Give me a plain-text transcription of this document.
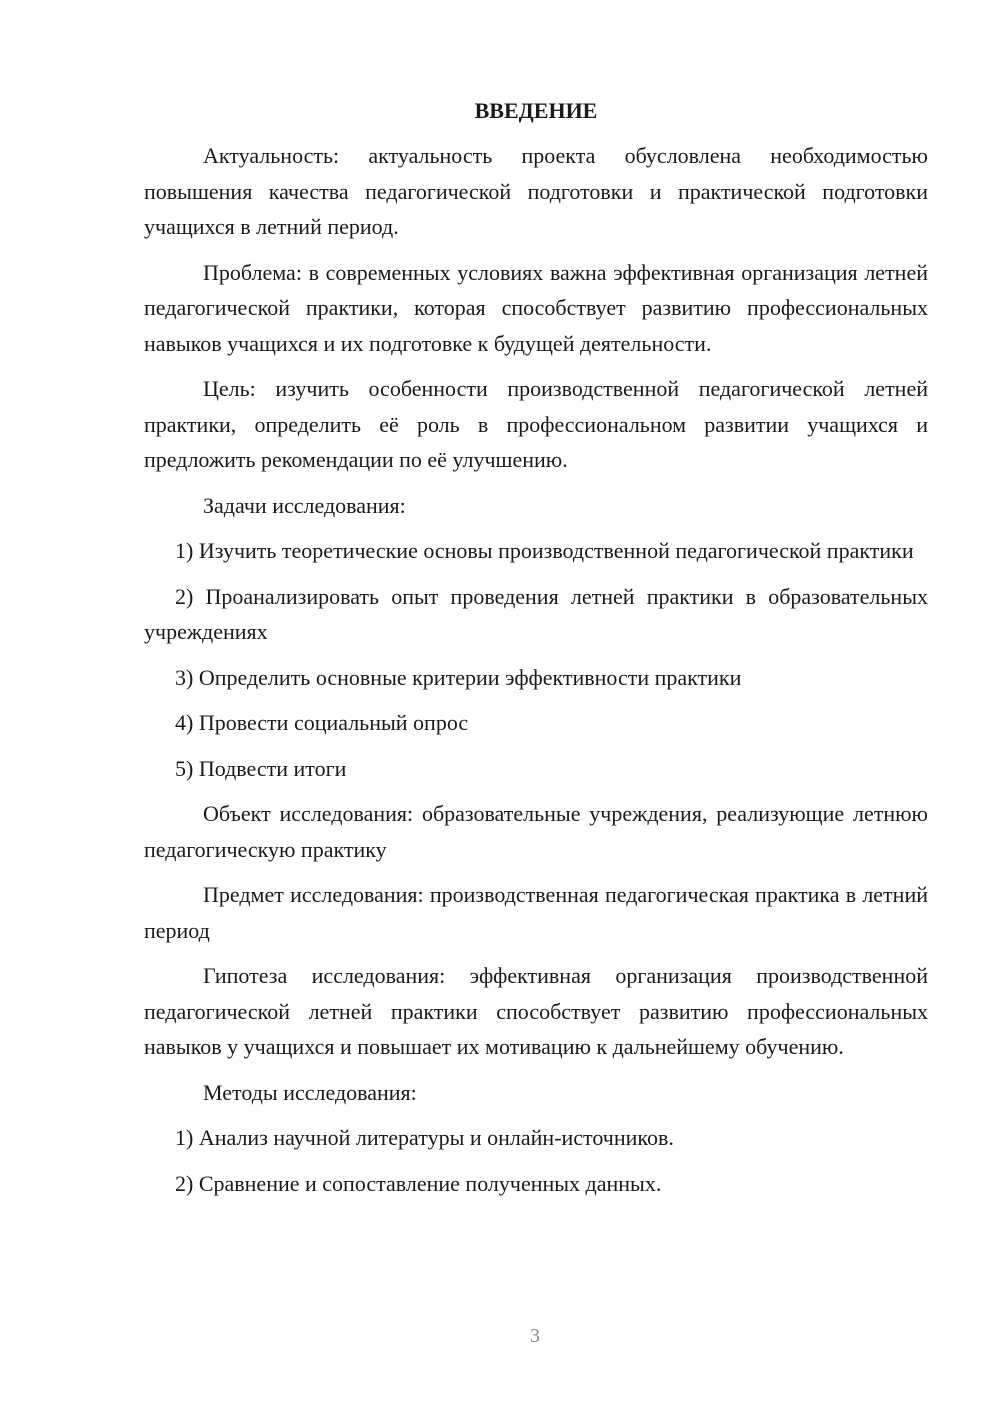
ВВЕДЕНИЕ

Актуальность: актуальность проекта обусловлена необходимостью повышения качества педагогической подготовки и практической подготовки учащихся в летний период.

Проблема: в современных условиях важна эффективная организация летней педагогической практики, которая способствует развитию профессиональных навыков учащихся и их подготовке к будущей деятельности.

Цель: изучить особенности производственной педагогической летней практики, определить её роль в профессиональном развитии учащихся и предложить рекомендации по её улучшению.

Задачи исследования:

1) Изучить теоретические основы производственной педагогической практики

2) Проанализировать опыт проведения летней практики в образовательных учреждениях

3) Определить основные критерии эффективности практики

4) Провести социальный опрос

5) Подвести итоги

Объект исследования: образовательные учреждения, реализующие летнюю педагогическую практику

Предмет исследования: производственная педагогическая практика в летний период

Гипотеза исследования: эффективная организация производственной педагогической летней практики способствует развитию профессиональных навыков у учащихся и повышает их мотивацию к дальнейшему обучению.

Методы исследования:

1) Анализ научной литературы и онлайн-источников.

2) Сравнение и сопоставление полученных данных.

3
